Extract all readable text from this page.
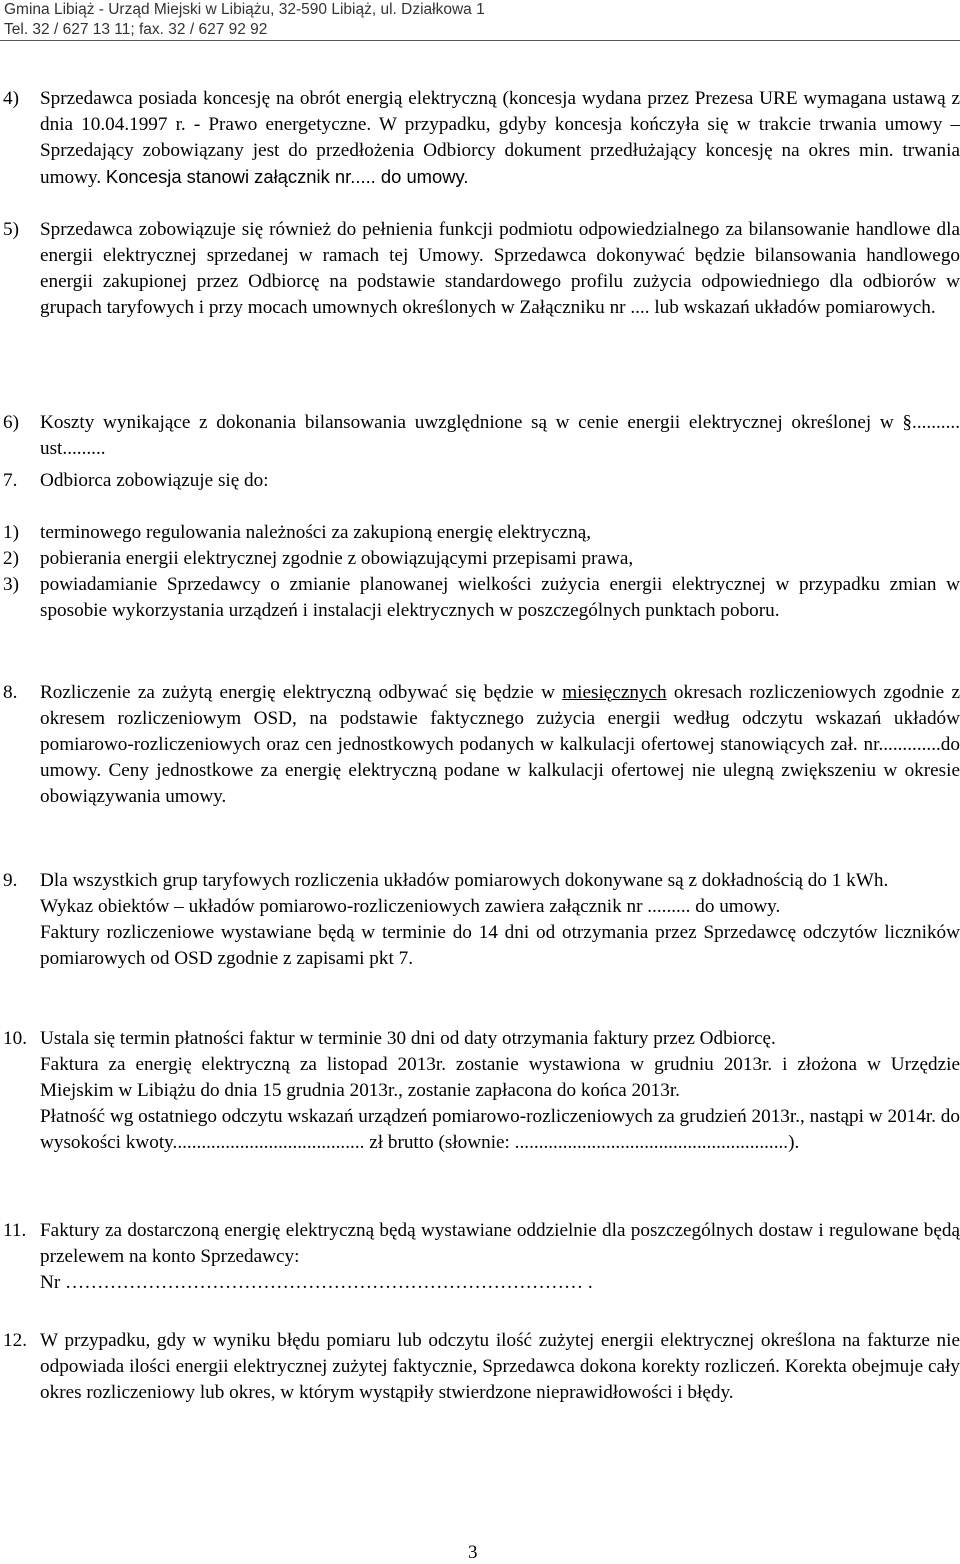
Gmina Libiąż - Urząd Miejski w Libiążu, 32-590 Libiąż, ul. Działkowa 1
Tel. 32 / 627 13 11; fax. 32 / 627 92 92
4) Sprzedawca posiada koncesję na obrót energią elektryczną (koncesja wydana przez Prezesa URE wymagana ustawą z dnia 10.04.1997 r. - Prawo energetyczne. W przypadku, gdyby koncesja kończyła się w trakcie trwania umowy – Sprzedający zobowiązany jest do przedłożenia Odbiorcy dokument przedłużający koncesję na okres min. trwania umowy. Koncesja stanowi załącznik nr..... do umowy.
5) Sprzedawca zobowiązuje się również do pełnienia funkcji podmiotu odpowiedzialnego za bilansowanie handlowe dla energii elektrycznej sprzedanej w ramach tej Umowy. Sprzedawca dokonywać będzie bilansowania handlowego energii zakupionej przez Odbiorcę na podstawie standardowego profilu zużycia odpowiedniego dla odbiorów w grupach taryfowych i przy mocach umownych określonych w Załączniku nr .... lub wskazań układów pomiarowych.
6) Koszty wynikające z dokonania bilansowania uwzględnione są w cenie energii elektrycznej określonej w §.......... ust.........
7. Odbiorca zobowiązuje się do:
1) terminowego regulowania należności za zakupioną energię elektryczną,
2) pobierania energii elektrycznej zgodnie z obowiązującymi przepisami prawa,
3) powiadamianie Sprzedawcy o zmianie planowanej wielkości zużycia energii elektrycznej w przypadku zmian w sposobie wykorzystania urządzeń i instalacji elektrycznych w poszczególnych punktach poboru.
8. Rozliczenie za zużytą energię elektryczną odbywać się będzie w miesięcznych okresach rozliczeniowych zgodnie z okresem rozliczeniowym OSD, na podstawie faktycznego zużycia energii według odczytu wskazań układów pomiarowo-rozliczeniowych oraz cen jednostkowych podanych w kalkulacji ofertowej stanowiących zał. nr.............do umowy. Ceny jednostkowe za energię elektryczną podane w kalkulacji ofertowej nie ulegną zwiększeniu w okresie obowiązywania umowy.
9. Dla wszystkich grup taryfowych rozliczenia układów pomiarowych dokonywane są z dokładnością do 1 kWh.
Wykaz obiektów – układów pomiarowo-rozliczeniowych zawiera załącznik nr ......... do umowy.
Faktury rozliczeniowe wystawiane będą w terminie do 14 dni od otrzymania przez Sprzedawcę odczytów liczników pomiarowych od OSD zgodnie z zapisami pkt 7.
10. Ustala się termin płatności faktur w terminie 30 dni od daty otrzymania faktury przez Odbiorcę.
Faktura za energię elektryczną za listopad 2013r. zostanie wystawiona w grudniu 2013r. i złożona w Urzędzie Miejskim w Libiążu do dnia 15 grudnia 2013r., zostanie zapłacona do końca 2013r.
Płatność wg ostatniego odczytu wskazań urządzeń pomiarowo-rozliczeniowych za grudzień 2013r., nastąpi w 2014r. do wysokości kwoty........................................ zł brutto (słownie: .........................................................).
11. Faktury za dostarczoną energię elektryczną będą wystawiane oddzielnie dla poszczególnych dostaw i regulowane będą przelewem na konto Sprzedawcy:
Nr ……………………………………………………………………… .
12. W przypadku, gdy w wyniku błędu pomiaru lub odczytu ilość zużytej energii elektrycznej określona na fakturze nie odpowiada ilości energii elektrycznej zużytej faktycznie, Sprzedawca dokona korekty rozliczeń. Korekta obejmuje cały okres rozliczeniowy lub okres, w którym wystąpiły stwierdzone nieprawidłowości i błędy.
3
